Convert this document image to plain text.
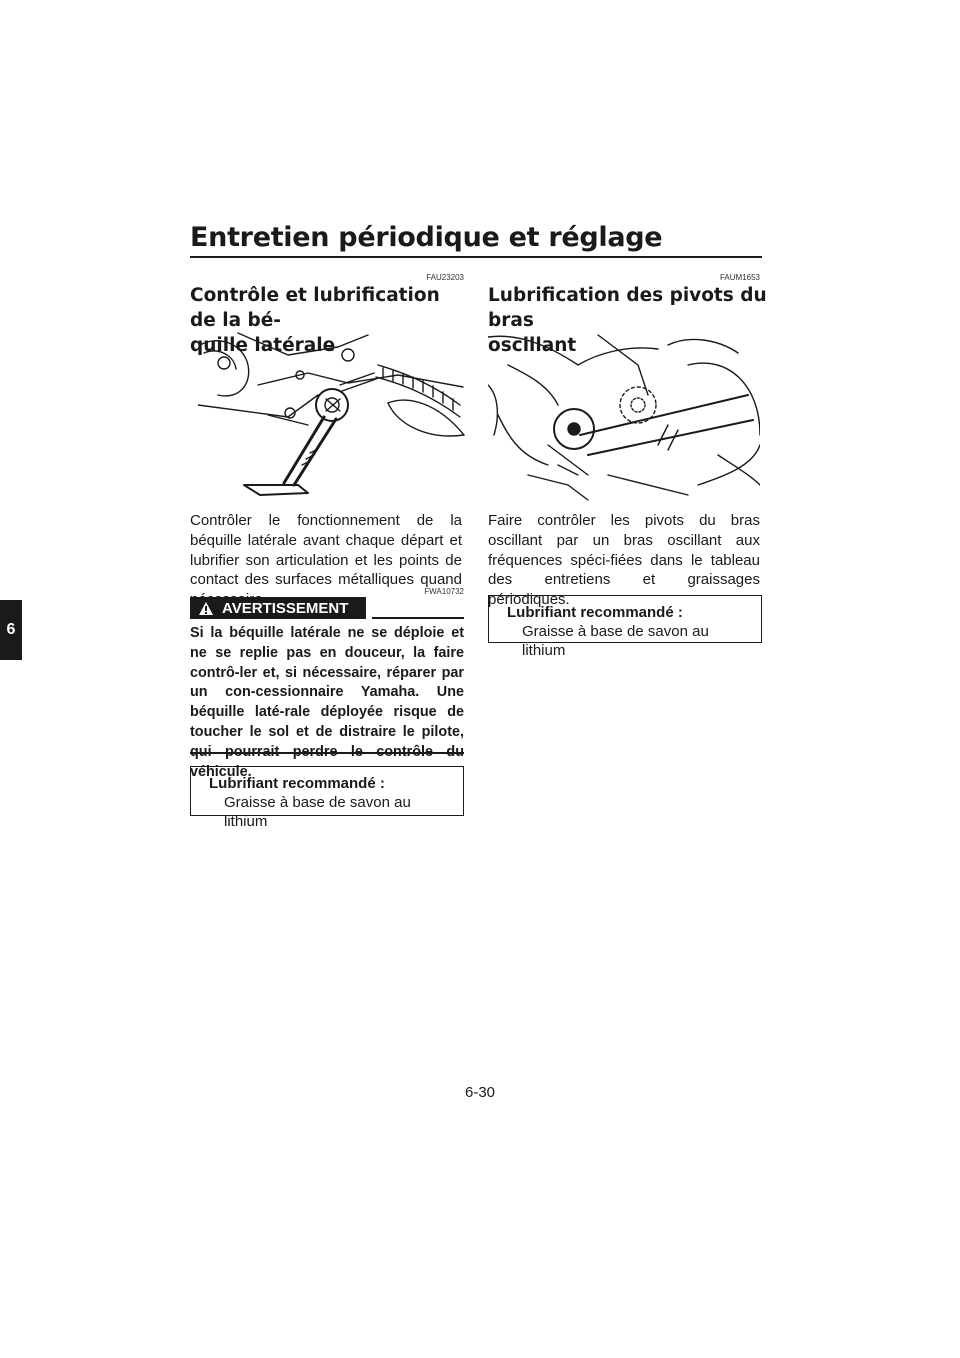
Entretien périodique et réglage
6
FAU23203
Contrôle et lubrification de la bé-
quille latérale

Contrôler le fonctionnement de la béquille latérale avant chaque départ et lubrifier son articulation et les points de contact des surfaces métalliques quand

FWA10732
AVERTISSEMENT

Si la béquille latérale ne se déploie et ne se replie pas en douceur, la faire contrô-ler et, si nécessaire, réparer par un con-cessionnaire Yamaha. Une béquille laté-rale déployée risque de toucher le sol et de distraire le pilote, véhicule.

Lubrifiant recommandé :
Graisse à base de savon au lithium
FAUM1653
Lubrification des pivots du bras
oscillant

Faire contrôler les pivots du bras oscillant par un bras oscillant aux fréquences spéci-fiées dans le tableau des entretiens et graissages périodiques.

Lubrifiant recommandé :
Graisse à base de savon au lithium
6-30
